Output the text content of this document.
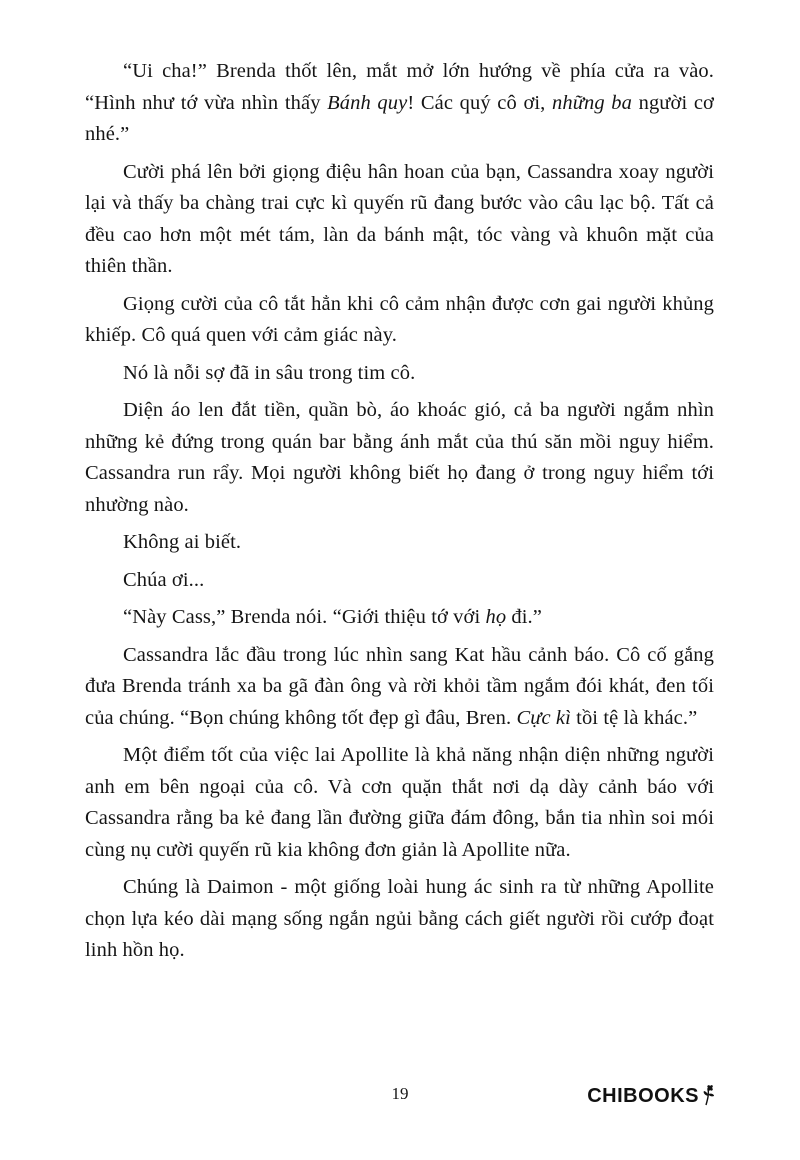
“Ui cha!” Brenda thốt lên, mắt mở lớn hướng về phía cửa ra vào. “Hình như tớ vừa nhìn thấy Bánh quy! Các quý cô ơi, những ba người cơ nhé.”

Cười phá lên bởi giọng điệu hân hoan của bạn, Cassandra xoay người lại và thấy ba chàng trai cực kì quyến rũ đang bước vào câu lạc bộ. Tất cả đều cao hơn một mét tám, làn da bánh mật, tóc vàng và khuôn mặt của thiên thần.

Giọng cười của cô tắt hẳn khi cô cảm nhận được cơn gai người khủng khiếp. Cô quá quen với cảm giác này.

Nó là nỗi sợ đã in sâu trong tim cô.

Diện áo len đắt tiền, quần bò, áo khoác gió, cả ba người ngắm nhìn những kẻ đứng trong quán bar bằng ánh mắt của thú săn mồi nguy hiểm. Cassandra run rẩy. Mọi người không biết họ đang ở trong nguy hiểm tới nhường nào.

Không ai biết.

Chúa ơi...

“Này Cass,” Brenda nói. “Giới thiệu tớ với họ đi.”

Cassandra lắc đầu trong lúc nhìn sang Kat hầu cảnh báo. Cô cố gắng đưa Brenda tránh xa ba gã đàn ông và rời khỏi tầm ngắm đói khát, đen tối của chúng. “Bọn chúng không tốt đẹp gì đâu, Bren. Cực kì tồi tệ là khác.”

Một điểm tốt của việc lai Apollite là khả năng nhận diện những người anh em bên ngoại của cô. Và cơn quặn thắt nơi dạ dày cảnh báo với Cassandra rằng ba kẻ đang lần đường giữa đám đông, bắn tia nhìn soi mói cùng nụ cười quyến rũ kia không đơn giản là Apollite nữa.

Chúng là Daimon - một giống loài hung ác sinh ra từ những Apollite chọn lựa kéo dài mạng sống ngắn ngủi bằng cách giết người rồi cướp đoạt linh hồn họ.

19	CHIBOOKS
